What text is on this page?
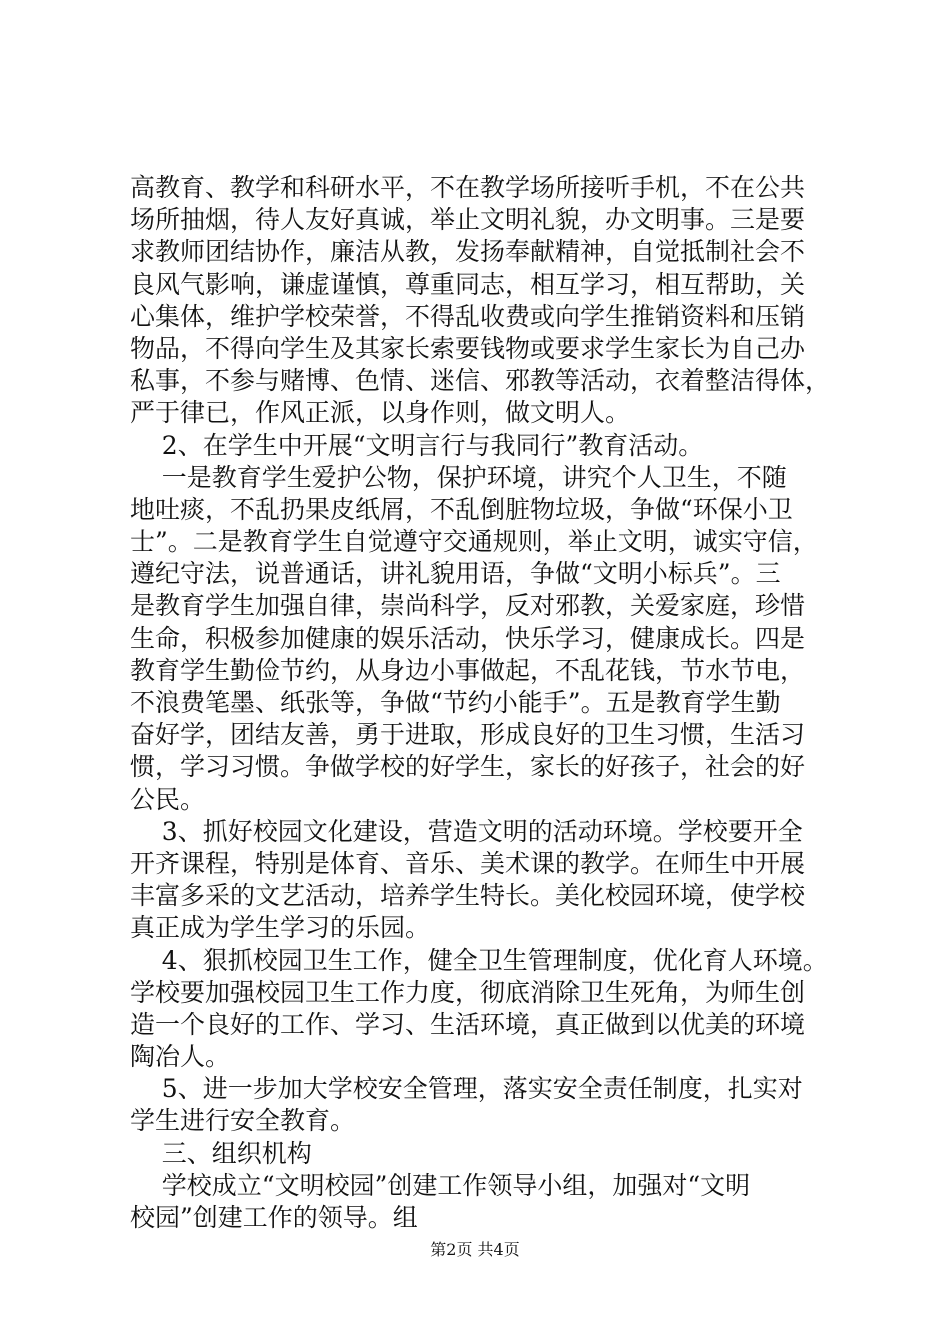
高教育、教学和科研水平，不在教学场所接听手机，不在公共
场所抽烟，待人友好真诚，举止文明礼貌，办文明事。三是要
求教师团结协作，廉洁从教，发扬奉献精神，自觉抵制社会不
良风气影响，谦虚谨慎，尊重同志，相互学习，相互帮助，关
心集体，维护学校荣誉，不得乱收费或向学生推销资料和压销
物品，不得向学生及其家长索要钱物或要求学生家长为自己办
私事，不参与赌博、色情、迷信、邪教等活动，衣着整洁得体，
严于律已，作风正派，以身作则，做文明人。
2、在学生中开展“文明言行与我同行”教育活动。
一是教育学生爱护公物，保护环境，讲究个人卫生，不随
地吐痰，不乱扔果皮纸屑，不乱倒脏物垃圾，争做“环保小卫
士”。二是教育学生自觉遵守交通规则，举止文明，诚实守信，
遵纪守法，说普通话，讲礼貌用语，争做“文明小标兵”。三
是教育学生加强自律，崇尚科学，反对邪教，关爱家庭，珍惜
生命，积极参加健康的娱乐活动，快乐学习，健康成长。四是
教育学生勤俭节约，从身边小事做起，不乱花钱，节水节电，
不浪费笔墨、纸张等，争做“节约小能手”。五是教育学生勤
奋好学，团结友善，勇于进取，形成良好的卫生习惯，生活习
惯，学习习惯。争做学校的好学生，家长的好孩子，社会的好
公民。
3、抓好校园文化建设，营造文明的活动环境。学校要开全
开齐课程，特别是体育、音乐、美术课的教学。在师生中开展
丰富多采的文艺活动，培养学生特长。美化校园环境，使学校
真正成为学生学习的乐园。
4、狠抓校园卫生工作，健全卫生管理制度，优化育人环境。
学校要加强校园卫生工作力度，彻底消除卫生死角，为师生创
造一个良好的工作、学习、生活环境，真正做到以优美的环境
陶冶人。
5、进一步加大学校安全管理，落实安全责任制度，扎实对
学生进行安全教育。
三、组织机构
学校成立“文明校园”创建工作领导小组，加强对“文明
校园”创建工作的领导。组
第2页 共4页
